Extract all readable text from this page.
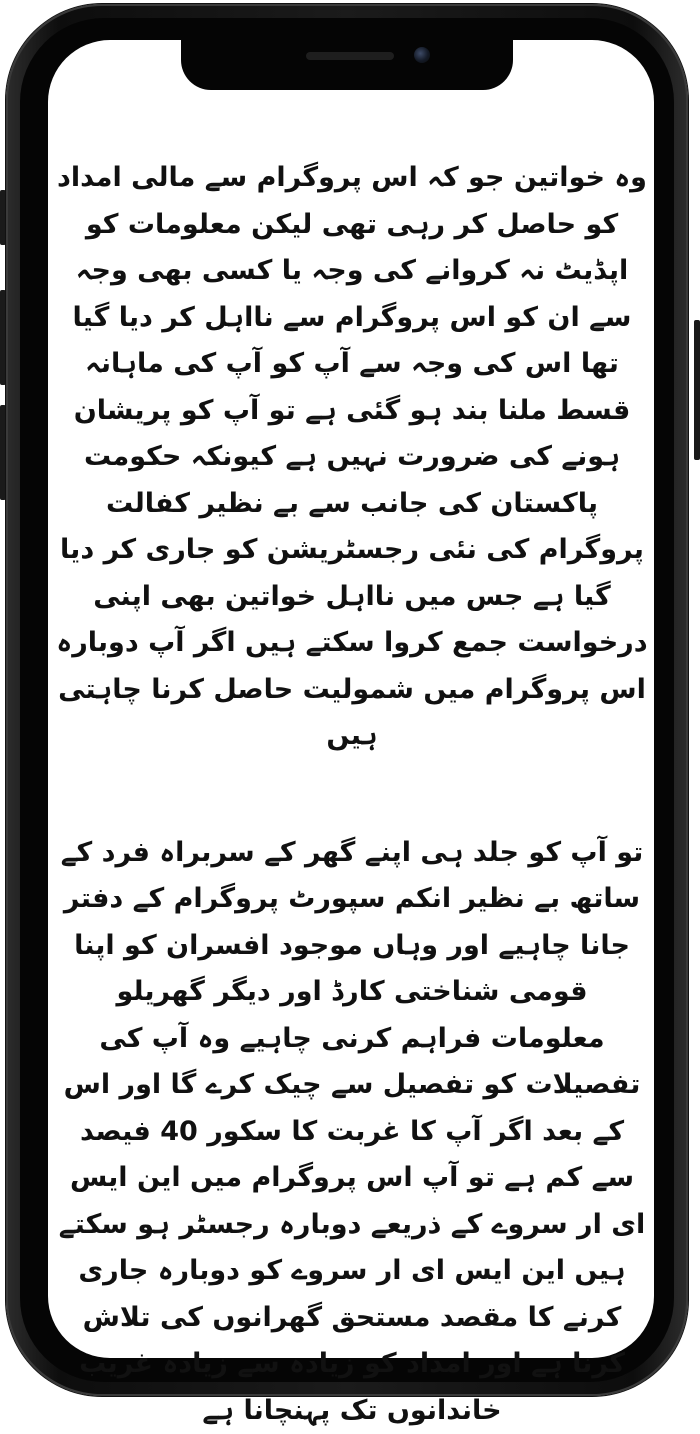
وہ خواتین جو کہ اس پروگرام سے مالی امداد کو حاصل کر رہی تھی لیکن معلومات کو اپڈیٹ نہ کروانے کی وجہ یا کسی بھی وجہ سے ان کو اس پروگرام سے نااہل کر دیا گیا تھا اس کی وجہ سے آپ کو آپ کی ماہانہ قسط ملنا بند ہو گئی ہے تو آپ کو پریشان ہونے کی ضرورت نہیں ہے کیونکہ حکومت پاکستان کی جانب سے بے نظیر کفالت پروگرام کی نئی رجسٹریشن کو جاری کر دیا گیا ہے جس میں نااہل خواتین بھی اپنی درخواست جمع کروا سکتے ہیں اگر آپ دوبارہ اس پروگرام میں شمولیت حاصل کرنا چاہتی ہیں

تو آپ کو جلد ہی اپنے گھر کے سربراہ فرد کے ساتھ بے نظیر انکم سپورٹ پروگرام کے دفتر جانا چاہیے اور وہاں موجود افسران کو اپنا قومی شناختی کارڈ اور دیگر گھریلو معلومات فراہم کرنی چاہیے وہ آپ کی تفصیلات کو تفصیل سے چیک کرے گا اور اس کے بعد اگر آپ کا غربت کا سکور 40 فیصد سے کم ہے تو آپ اس پروگرام میں این ایس ای ار سروے کے ذریعے دوبارہ رجسٹر ہو سکتے ہیں این ایس ای ار سروے کو دوبارہ جاری کرنے کا مقصد مستحق گھرانوں کی تلاش کرنا ہے اور امداد کو زیادہ سے زیادہ غریب خاندانوں تک پہنچانا ہے
